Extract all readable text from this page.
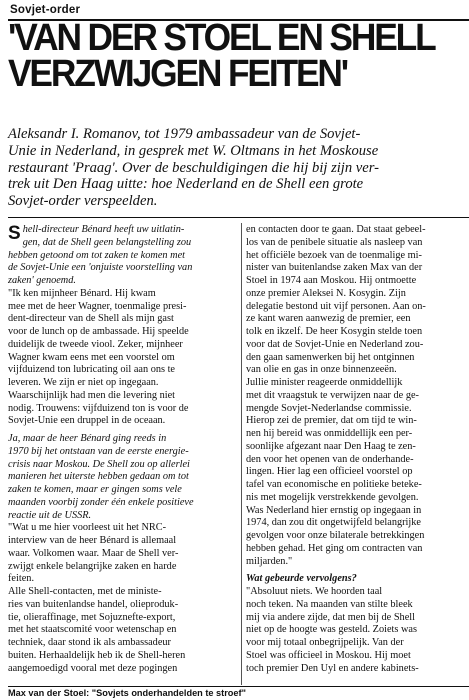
Sovjet-order
'VAN DER STOEL EN SHELL
VERZWIJGEN FEITEN'
Aleksandr I. Romanov, tot 1979 ambassadeur van de Sovjet-
Unie in Nederland, in gesprek met W. Oltmans in het Moskouse
restaurant 'Praag'. Over de beschuldigingen die hij bij zijn ver-
trek uit Den Haag uitte: hoe Nederland en de Shell een grote
Sovjet-order verspeelden.
S hell-directeur Bénard heeft uw uitlatin-
gen, dat de Shell geen belangstelling zou
hebben getoond om tot zaken te komen met
de Sovjet-Unie een 'onjuiste voorstelling van
zaken' genoemd.
"Ik ken mijnheer Bénard. Hij kwam
mee met de heer Wagner, toenmalige presi-
dent-directeur van de Shell als mijn gast
voor de lunch op de ambassade. Hij speelde
duidelijk de tweede viool. Zeker, mijnheer
Wagner kwam eens met een voorstel om
vijfduizend ton lubricating oil aan ons te
leveren. We zijn er niet op ingegaan.
Waarschijnlijk had men die levering niet
nodig. Trouwens: vijfduizend ton is voor de
Sovjet-Unie een druppel in de oceaan.
Ja, maar de heer Bénard ging reeds in
1970 bij het ontstaan van de eerste energie-
crisis naar Moskou. De Shell zou op allerlei
manieren het uiterste hebben gedaan om tot
zaken te komen, maar er gingen soms vele
maanden voorbij zonder één enkele positieve
reactie uit de USSR.
"Wat u me hier voorleest uit het NRC-
interview van de heer Bénard is allemaal
waar. Volkomen waar. Maar de Shell ver-
zwijgt enkele belangrijke zaken en harde
feiten.
Alle Shell-contacten, met de ministe-
ries van buitenlandse handel, olieproduk-
tie, olieraffinage, met Sojuznefte-export,
met het staatscomité voor wetenschap en
techniek, daar stond ik als ambassadeur
buiten. Herhaaldelijk heb ik de Shell-heren
aangemoedigd vooral met deze pogingen
en contacten door te gaan. Dat staat gebeel-
los van de penibele situatie als nasleep van
het officiële bezoek van de toenmalige mi-
nister van buitenlandse zaken Max van der
Stoel in 1974 aan Moskou. Hij ontmoette
onze premier Aleksei N. Kosygin. Zijn
delegatie bestond uit vijf personen. Aan on-
ze kant waren aanwezig de premier, een
tolk en ikzelf. De heer Kosygin stelde toen
voor dat de Sovjet-Unie en Nederland zou-
den gaan samenwerken bij het ontginnen
van olie en gas in onze binnenzeeën.
Jullie minister reageerde onmiddellijk
met dit vraagstuk te verwijzen naar de ge-
mengde Sovjet-Nederlandse commissie.
Hierop zei de premier, dat om tijd te win-
nen hij bereid was onmiddellijk een per-
soonlijke afgezant naar Den Haag te zen-
den voor het openen van de onderhande-
lingen. Hier lag een officieel voorstel op
tafel van economische en politieke beteke-
nis met mogelijk verstrekkende gevolgen.
Was Nederland hier ernstig op ingegaan in
1974, dan zou dit ongetwijfeld belangrijke
gevolgen voor onze bilaterale betrekkingen
hebben gehad. Het ging om contracten van
miljarden."
Wat gebeurde vervolgens?
"Absoluut niets. We hoorden taal
noch teken. Na maanden van stilte bleek
mij via andere zijde, dat men bij de Shell
niet op de hoogte was gesteld. Zoiets was
voor mij totaal onbegrijpelijk. Van der
Stoel was officieel in Moskou. Hij moet
toch premier Den Uyl en andere kabinets-
Max van der Stoel: "Sovjets onderhandelden te stroef"
